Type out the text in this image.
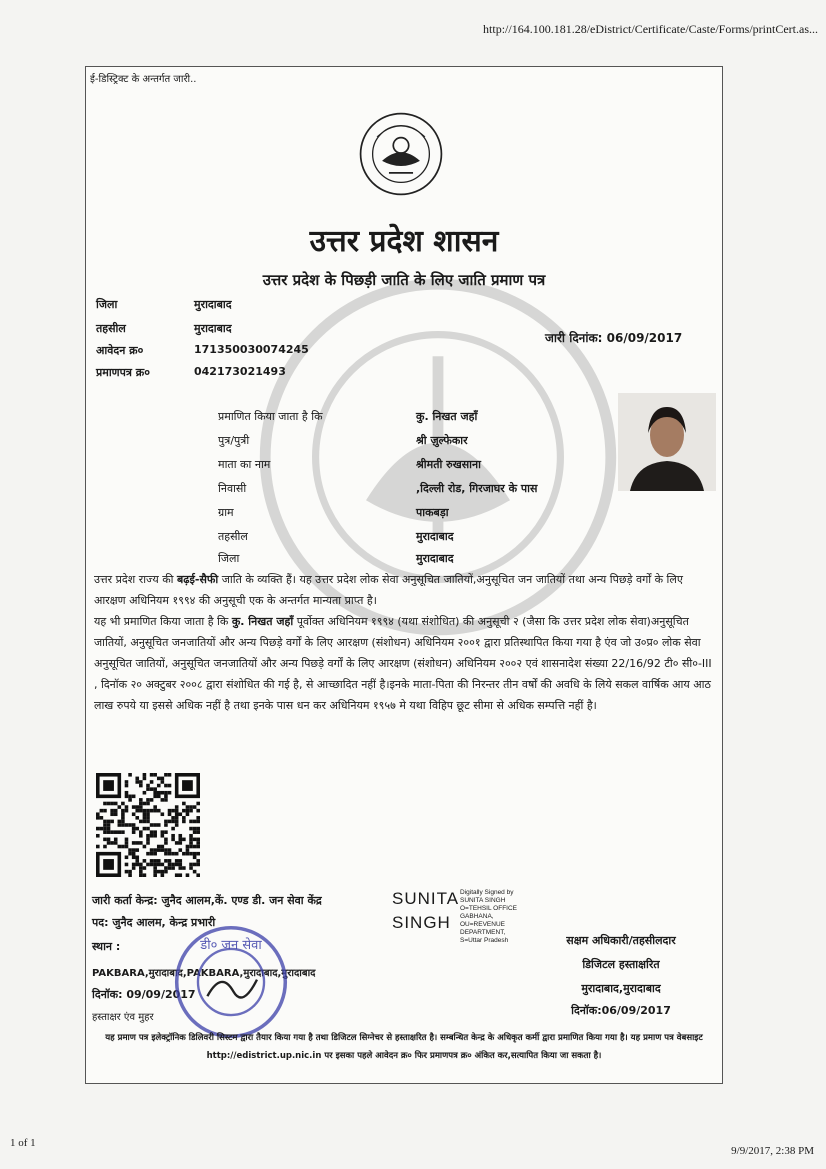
http://164.100.181.28/eDistrict/Certificate/Caste/Forms/printCert.as...
ई-डिस्ट्रिक्ट के अन्तर्गत जारी..
उत्तर प्रदेश शासन
उत्तर प्रदेश के पिछड़ी जाति के लिए जाति प्रमाण पत्र
जिला	मुरादाबाद
तहसील	मुरादाबाद
आवेदन क्र०	171350030074245
प्रमाणपत्र क्र०	042173021493
जारी दिनांक: 06/09/2017
प्रमाणित किया जाता है कि	कु. निखत जहाँ
पुत्र/पुत्री	श्री ज़ुल्फेकार
माता का नाम	श्रीमती रुखसाना
निवासी	,दिल्ली रोड, गिरजाघर के पास
ग्राम	पाकबड़ा
तहसील	मुरादाबाद
जिला	मुरादाबाद
उत्तर प्रदेश राज्य की बढ़ई-सैफी जाति के व्यक्ति हैं। यह उत्तर प्रदेश लोक सेवा अनुसूचित जातियों,अनुसूचित जन जातियों तथा अन्य पिछड़े वर्गों के लिए आरक्षण अधिनियम १९९४ की अनुसूची एक के अन्तर्गत मान्यता प्राप्त है।
यह भी प्रमाणित किया जाता है कि कु. निखत जहाँ पूर्वोक्त अधिनियम १९९४ (यथा संशोधित) की अनुसूची २ (जैसा कि उत्तर प्रदेश लोक सेवा)अनुसूचित जातियों, अनुसूचित जनजातियों और अन्य पिछड़े वर्गों के लिए आरक्षण (संशोधन) अधिनियम २००१ द्वारा प्रतिस्थापित किया गया है एंव जो उ०प्र० लोक सेवा अनुसूचित जातियों, अनुसूचित जनजातियों और अन्य पिछड़े वर्गों के लिए आरक्षण (संशोधन) अधिनियम २००२ एवं शासनादेश संख्या 22/16/92 टी० सी०-III , दिनॉक २० अक्टुबर २००८ द्वारा संशोधित की गई है, से आच्छादित नहीं है।इनके माता-पिता की निरन्तर तीन वर्षों की अवधि के लिये सकल वार्षिक आय आठ लाख रुपये या इससे अधिक नहीं है तथा इनके पास धन कर अधिनियम १९५७ मे यथा विहिप छूट सीमा से अधिक सम्पत्ति नहीं है।
जारी कर्ता केन्द्र: जुनैद आलम,कें. एण्ड डी. जन सेवा केंद्र
पद: जुनैद आलम, केन्द्र प्रभारी
स्थान :
PAKBARA,मुरादाबाद,PAKBARA,मुरादाबाद,मुरादाबाद
दिनॉक: 09/09/2017
हस्ताक्षर एंव मुहर
SUNITA
SINGH
Digitally Signed by
SUNITA SINGH
O=TEHSIL OFFICE
GABHANA,
OU=REVENUE
DEPARTMENT,
S=Uttar Pradesh	सक्षम अधिकारी/तहसीलदार
डिजिटल हस्ताक्षरित
मुरादाबाद,मुरादाबाद
दिनॉक:06/09/2017
डी० जन सेवा
यह प्रमाण पत्र इलेक्ट्रॉनिक डिलिवरी सिस्टम द्वारा तैयार किया गया है तथा डिजिटल सिग्नेचर से हस्ताक्षरित है। सम्बन्धित केन्द्र के अधिकृत कर्मी द्वारा प्रमाणित किया गया है। यह प्रमाण पत्र वेबसाइट http://edistrict.up.nic.in पर इसका पहले आवेदन क्र० फिर प्रमाणपत्र क्र० अंकित कर,सत्यापित किया जा सकता है।
1 of 1
9/9/2017, 2:38 PM
